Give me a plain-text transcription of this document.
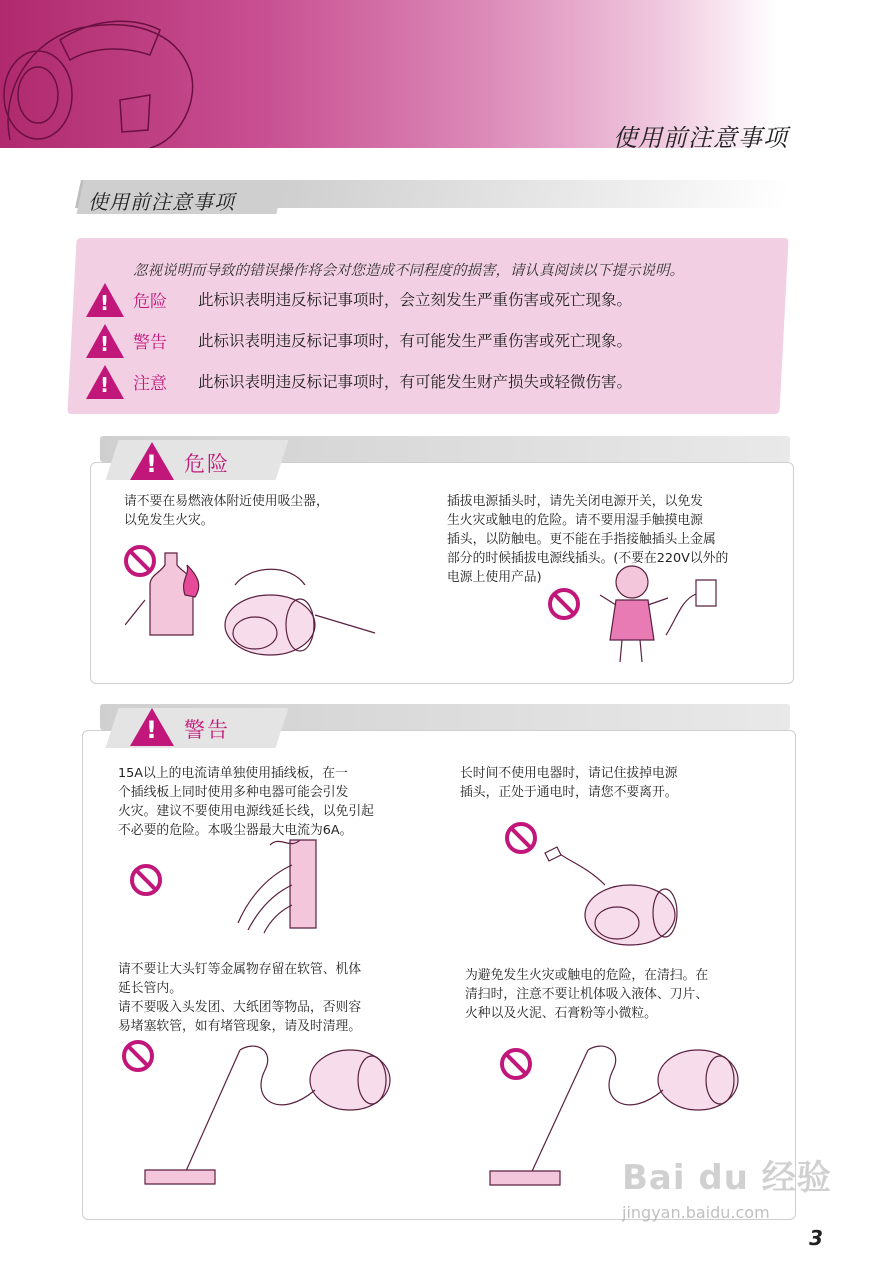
使用前注意事项
使用前注意事项
忽视说明而导致的错误操作将会对您造成不同程度的损害，请认真阅读以下提示说明。
! 危险 此标识表明违反标记事项时，会立刻发生严重伤害或死亡现象。
! 警告 此标识表明违反标记事项时，有可能发生严重伤害或死亡现象。
! 注意 此标识表明违反标记事项时，有可能发生财产损失或轻微伤害。
! 危险
请不要在易燃液体附近使用吸尘器，
以免发生火灾。
插拔电源插头时，请先关闭电源开关，以免发
生火灾或触电的危险。请不要用湿手触摸电源
插头，以防触电。更不能在手指接触插头上金属
部分的时候插拔电源线插头。(不要在220V以外的
电源上使用产品)
! 警告
15A以上的电流请单独使用插线板，在一
个插线板上同时使用多种电器可能会引发
火灾。建议不要使用电源线延长线，以免引起
不必要的危险。本吸尘器最大电流为6A。
长时间不使用电器时，请记住拔掉电源
插头，正处于通电时，请您不要离开。
请不要让大头钉等金属物存留在软管、机体
延长管内。
请不要吸入头发团、大纸团等物品，否则容
易堵塞软管，如有堵管现象，请及时清理。
为避免发生火灾或触电的危险，在清扫。在
清扫时，注意不要让机体吸入液体、刀片、
火种以及火泥、石膏粉等小微粒。
Bai du 经验
jingyan.baidu.com
3
